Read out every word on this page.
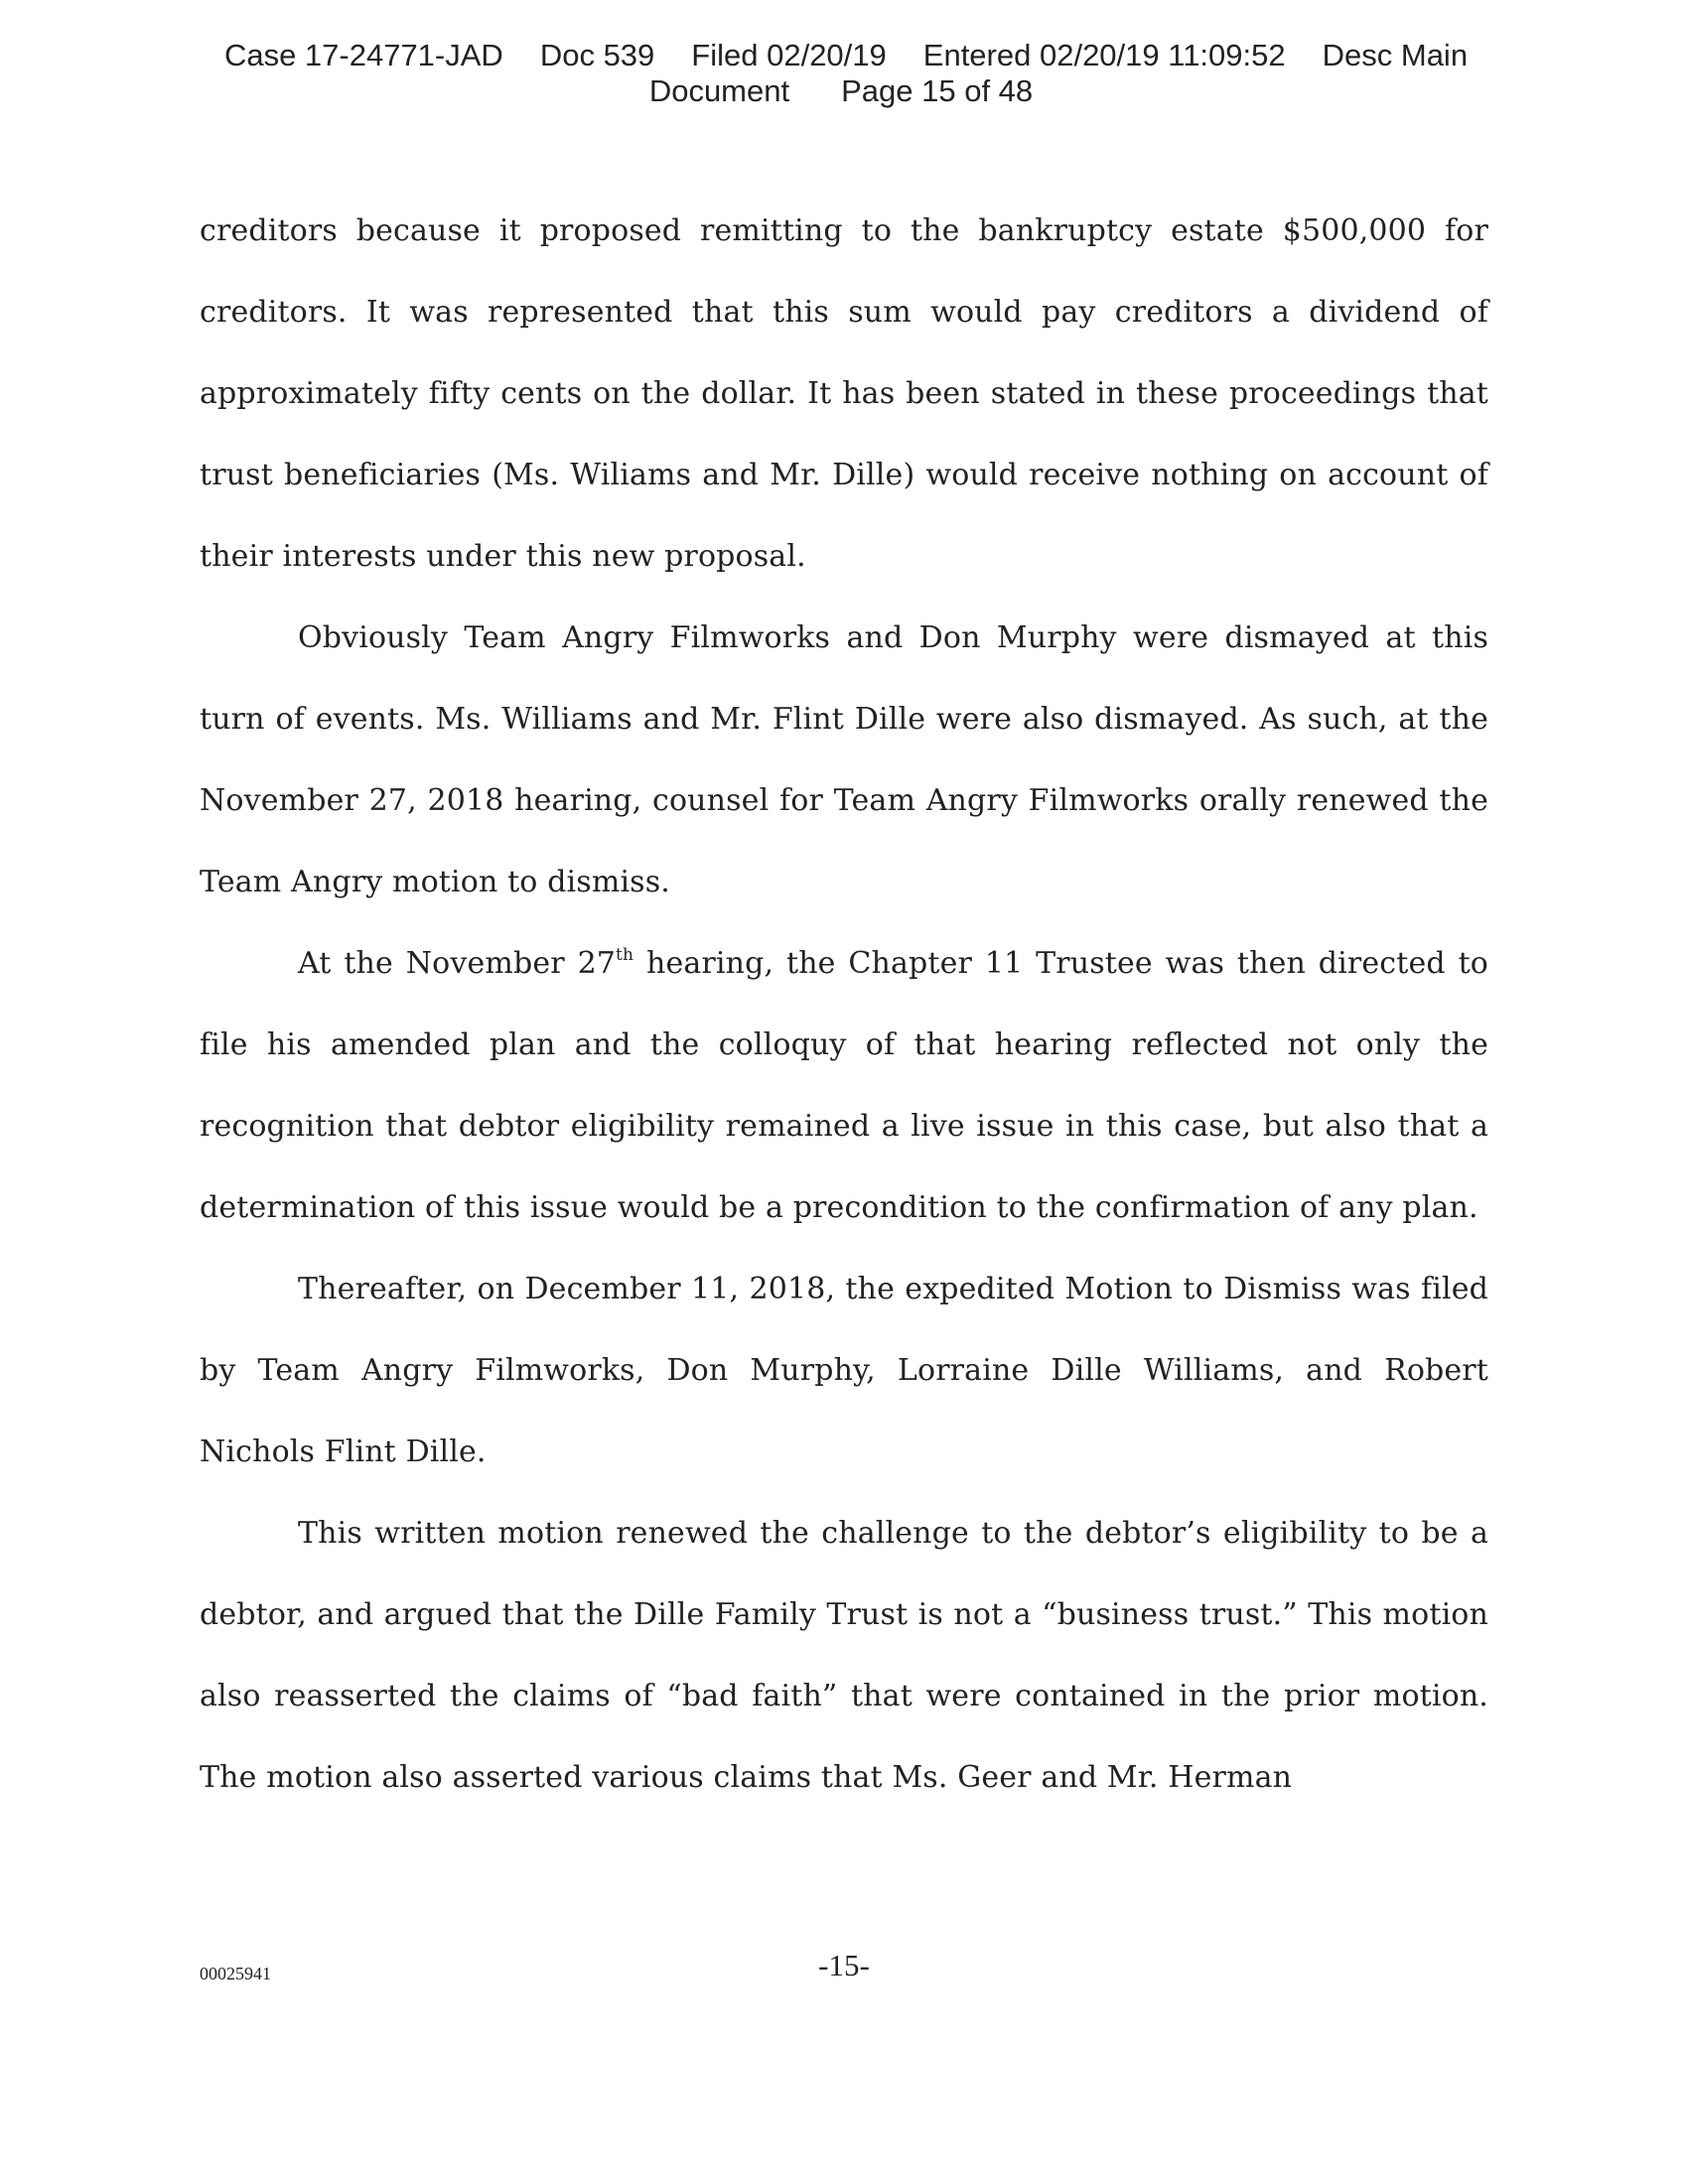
Case 17-24771-JAD Doc 539 Filed 02/20/19 Entered 02/20/19 11:09:52 Desc Main
Document Page 15 of 48

creditors because it proposed remitting to the bankruptcy estate $500,000 for creditors. It was represented that this sum would pay creditors a dividend of approximately fifty cents on the dollar. It has been stated in these proceedings that trust beneficiaries (Ms. Wiliams and Mr. Dille) would receive nothing on account of their interests under this new proposal.

Obviously Team Angry Filmworks and Don Murphy were dismayed at this turn of events. Ms. Williams and Mr. Flint Dille were also dismayed. As such, at the November 27, 2018 hearing, counsel for Team Angry Filmworks orally renewed the Team Angry motion to dismiss.

At the November 27th hearing, the Chapter 11 Trustee was then directed to file his amended plan and the colloquy of that hearing reflected not only the recognition that debtor eligibility remained a live issue in this case, but also that a determination of this issue would be a precondition to the confirmation of any plan.

Thereafter, on December 11, 2018, the expedited Motion to Dismiss was filed by Team Angry Filmworks, Don Murphy, Lorraine Dille Williams, and Robert Nichols Flint Dille.

This written motion renewed the challenge to the debtor’s eligibility to be a debtor, and argued that the Dille Family Trust is not a “business trust.” This motion also reasserted the claims of “bad faith” that were contained in the prior motion. The motion also asserted various claims that Ms. Geer and Mr. Herman

00025941	-15-
